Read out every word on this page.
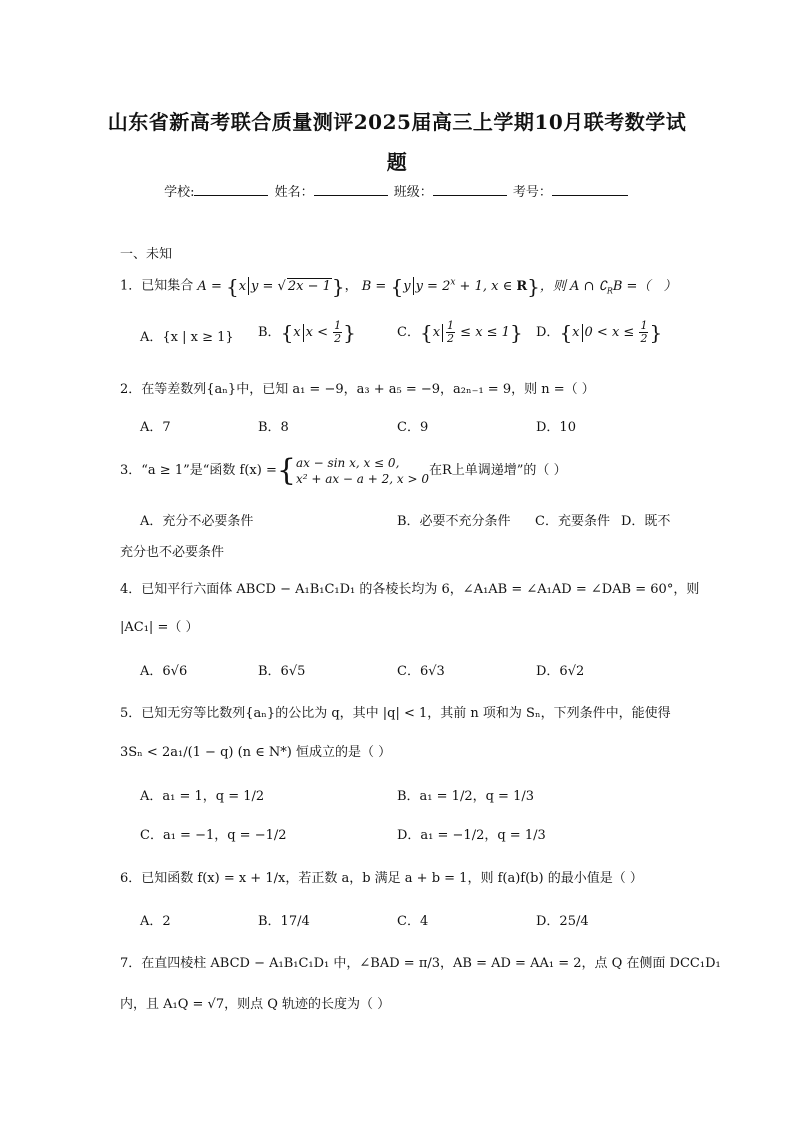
山东省新高考联合质量测评2025届高三上学期10月联考数学试
题
学校:	姓名：	班级：	考号：
一、未知
1．已知集合 A = {x y = √ 2x − 1}， B = {y $y = 2^x + 1$, x ∈ R}，则 A ∩ $∁_RB$ =（　）
A．{x | x ≥ 1} B．{x $x < \frac{1}{2}$ }	C．$\{x \frac{1}{2} \le x \le 1\}$ D．{x $0 < x \le \frac{1}{2}$ }
2．在等差数列{aₙ}中，已知 a₁ = −9，a₃ + a₅ = −9，a₂ₙ₋₁ = 9，则 n =（ ）
A．7	B．8	C．9	D．10
3．“a ≥ 1”是“函数 f(x) ={ ax − sin x, x ≤ 0,
x² + ax − a + 2, x > 0
在R上单调递增”的（ ）
A．充分不必要条件	B．必要不充分条件 C．充要条件 D．既不
充分也不必要条件
4．已知平行六面体 ABCD − A₁B₁C₁D₁ 的各棱长均为 6，∠A₁AB = ∠A₁AD = ∠DAB = 60°，则
|AC₁| =（ ）
A．6√6	B．6√5	C．6√3	D．6√2
5．已知无穷等比数列{aₙ}的公比为 q，其中 |q| < 1，其前 n 项和为 Sₙ，下列条件中，能使得
3Sₙ < 2a₁/(1 − q) (n ∈ N*) 恒成立的是（ ）
A．a₁ = 1，q = 1/2	B．a₁ = 1/2，q = 1/3
C．a₁ = −1，q = −1/2	D．a₁ = −1/2，q = 1/3
6．已知函数 f(x) = x + 1/x，若正数 a，b 满足 a + b = 1，则 f(a)f(b) 的最小值是（ ）
A．2	B．17/4	C．4	D．25/4
7．在直四棱柱 ABCD − A₁B₁C₁D₁ 中，∠BAD = π/3，AB = AD = AA₁ = 2，点 Q 在侧面 DCC₁D₁
内，且 A₁Q = √7，则点 Q 轨迹的长度为（ ）
